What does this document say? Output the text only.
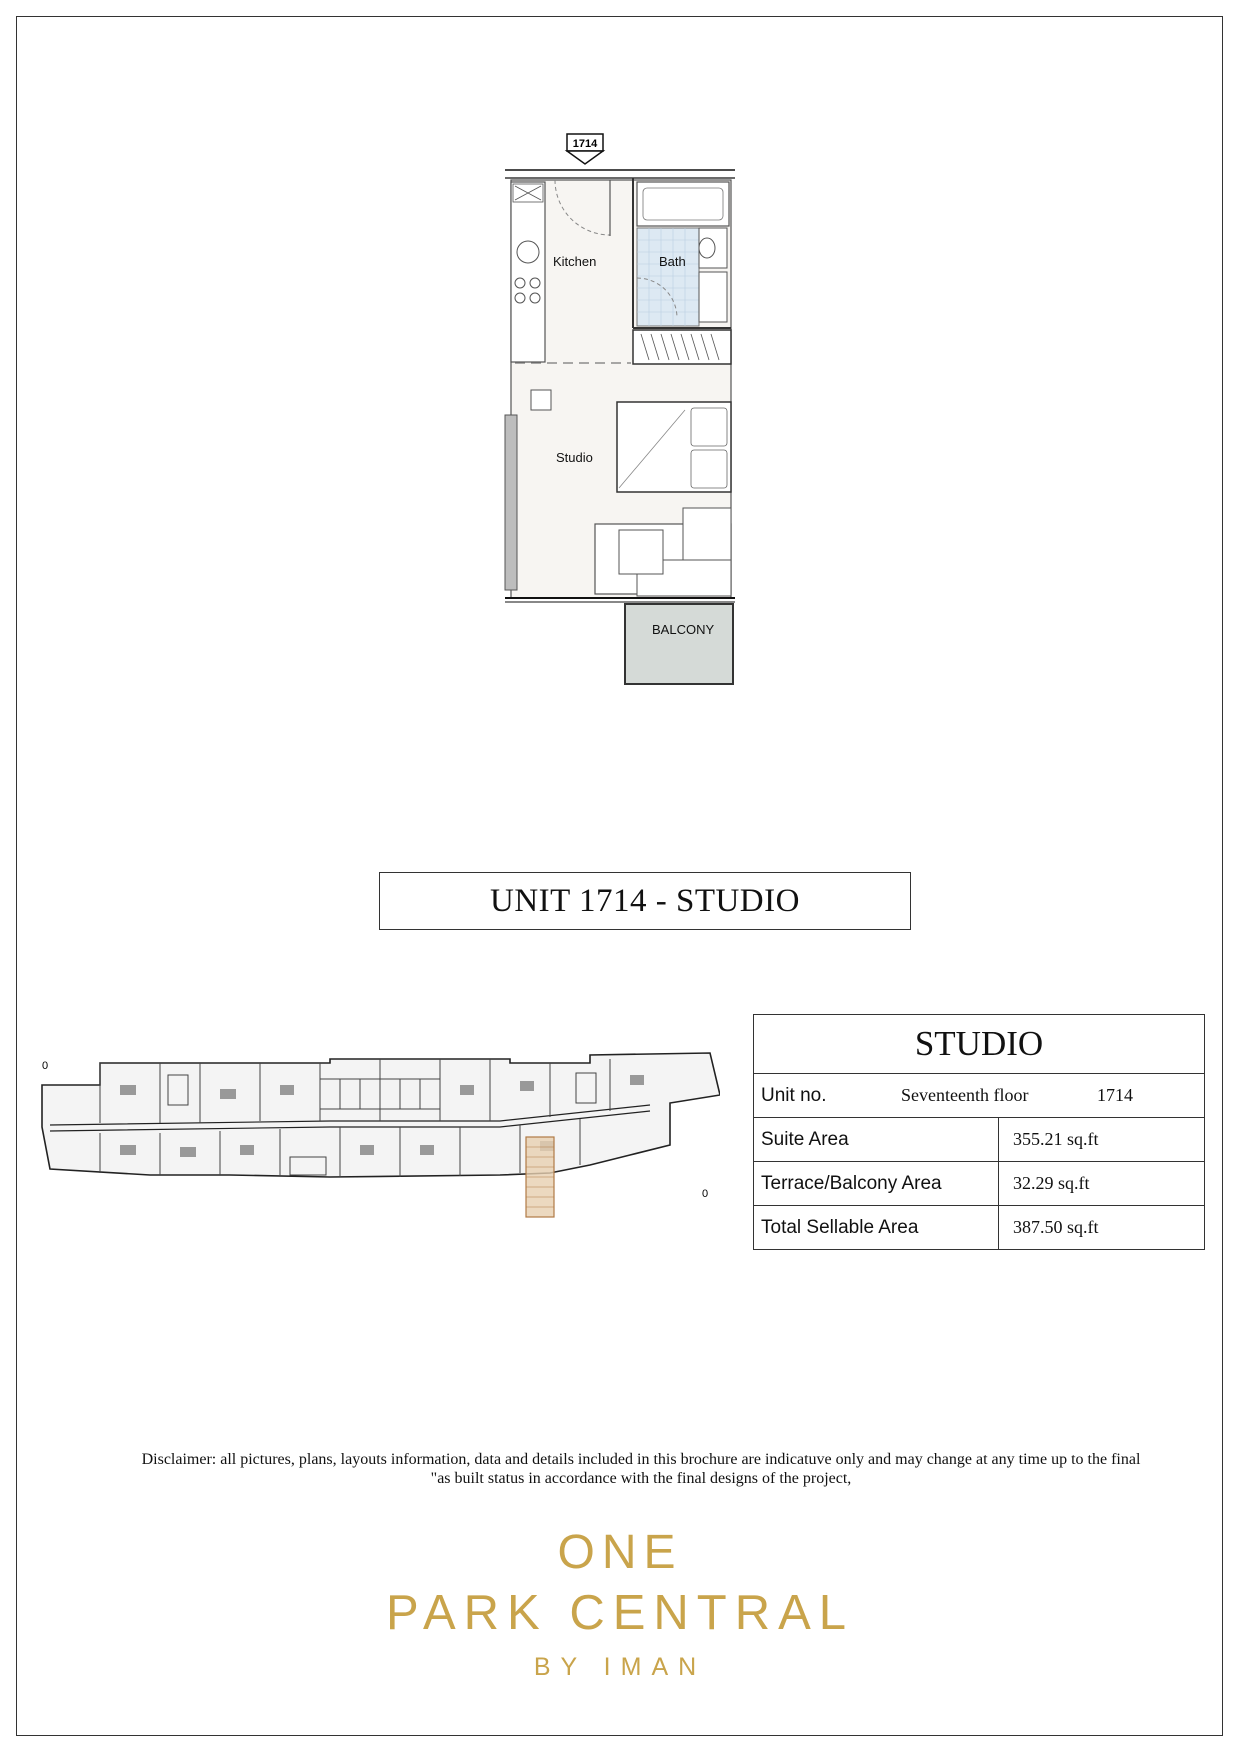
1714
Kitchen	Bath
Studio
BALCONY
UNIT 1714 - STUDIO
0
0
STUDIO	

Unit no. Seventeenth floor 1714	

Suite Area	355.21 sq.ft
Terrace/Balcony Area	32.29 sq.ft
Total Sellable Area	387.50 sq.ft
Disclaimer: all pictures, plans, layouts information, data and details included in this brochure are indicatuve only and may change at any time up to the final
"as built status in accordance with the final designs of the project,
ONE
PARK CENTRAL
BY IMAN
